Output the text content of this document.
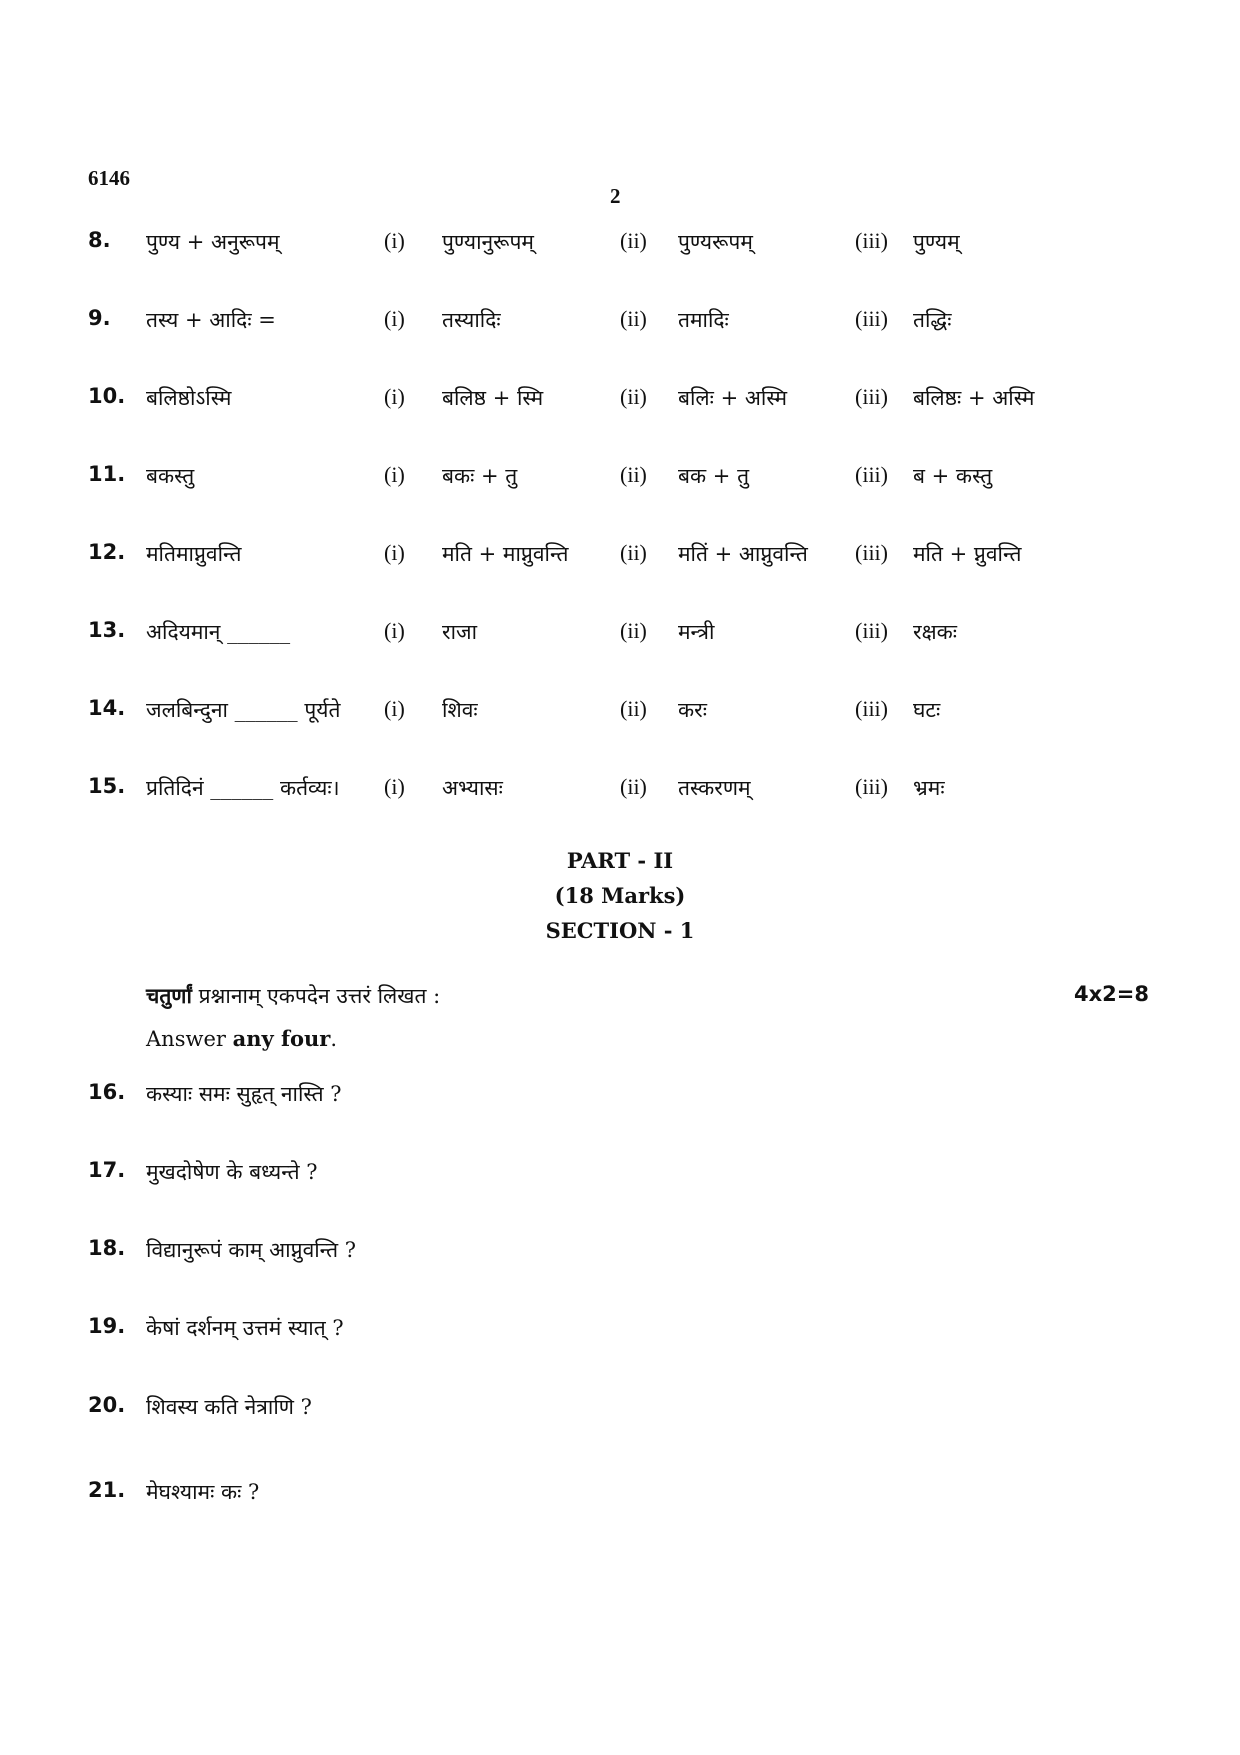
6146
2
8. पुण्य + अनुरूपम्	(i) पुण्यानुरूपम्	(ii) पुण्यरूपम्	(iii) पुण्यम्
9. तस्य + आदिः =	(i) तस्यादिः	(ii) तमादिः	(iii) तद्धिः
10. बलिष्ठोऽस्मि	(i) बलिष्ठ + स्मि	(ii) बलिः + अस्मि	(iii) बलिष्ठः + अस्मि
11. बकस्तु	(i) बकः + तु	(ii) बक + तु	(iii) ब + कस्तु
12. मतिमाप्नुवन्ति	(i) मति + माप्नुवन्ति (ii) मतिं + आप्नुवन्ति (iii) मति + प्नुवन्ति
13. अदियमान् ______	(i) राजा	(ii) मन्त्री	(iii) रक्षकः
14. जलबिन्दुना ______ पूर्यते (i) शिवः	(ii) करः	(iii) घटः
15. प्रतिदिनं ______ कर्तव्यः। (i) अभ्यासः	(ii) तस्करणम्	(iii) भ्रमः
PART - II
(18 Marks)
SECTION - 1
चतुर्णां प्रश्नानाम् एकपदेन उत्तरं लिखत :	4x2=8
Answer any four.
16. कस्याः समः सुहृत् नास्ति ?
17. मुखदोषेण के बध्यन्ते ?
18. विद्यानुरूपं काम् आप्नुवन्ति ?
19. केषां दर्शनम् उत्तमं स्यात् ?
20. शिवस्य कति नेत्राणि ?
21. मेघश्यामः कः ?
